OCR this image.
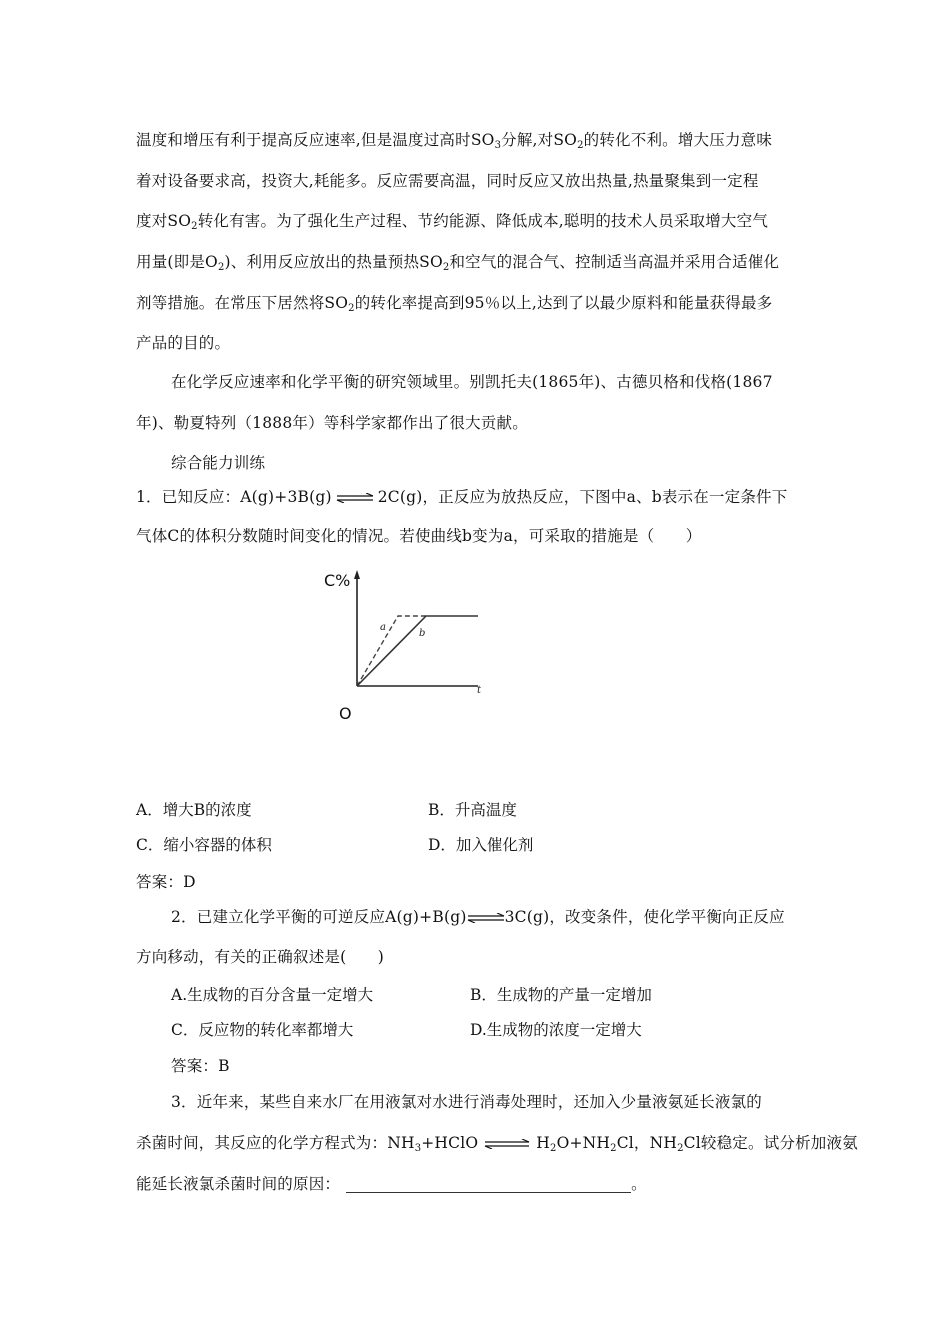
温度和增压有利于提高反应速率,但是温度过高时$SO_3$分解,对$SO_2$的转化不利。增大压力意味
着对设备要求高，投资大,耗能多。反应需要高温，同时反应又放出热量,热量聚集到一定程
度对$SO_2$转化有害。为了强化生产过程、节约能源、降低成本,聪明的技术人员采取增大空气
用量(即是$O_2$)、利用反应放出的热量预热$SO_2$和空气的混合气、控制适当高温并采用合适催化
剂等措施。在常压下居然将$SO_2$的转化率提高到95％以上,达到了以最少原料和能量获得最多
产品的目的。
在化学反应速率和化学平衡的研究领域里。别凯托夫(1865年)、古德贝格和伐格(1867
年)、勒夏特列（1888年）等科学家都作出了很大贡献。
综合能力训练
1．已知反应：A(g)+3B(g) ⇌ 2C(g)，正反应为放热反应，下图中a、b表示在一定条件下
气体C的体积分数随时间变化的情况。若使曲线b变为a，可采取的措施是（　　）
C%
O
t
a
b
A．增大B的浓度	B．升高温度
C．缩小容器的体积	D．加入催化剂
答案：D
2．已建立化学平衡的可逆反应A(g)+B(g)⇌3C(g)，改变条件，使化学平衡向正反应
方向移动，有关的正确叙述是(　　)
A.生成物的百分含量一定增大	B．生成物的产量一定增加
C．反应物的转化率都增大	D.生成物的浓度一定增大
答案：B
3．近年来，某些自来水厂在用液氯对水进行消毒处理时，还加入少量液氨延长液氯的
杀菌时间，其反应的化学方程式为：$NH_3+HClO$ ⇌ $H_2O+NH_2Cl$，$NH_2Cl$较稳定。试分析加液氨
能延长液氯杀菌时间的原因：	。
